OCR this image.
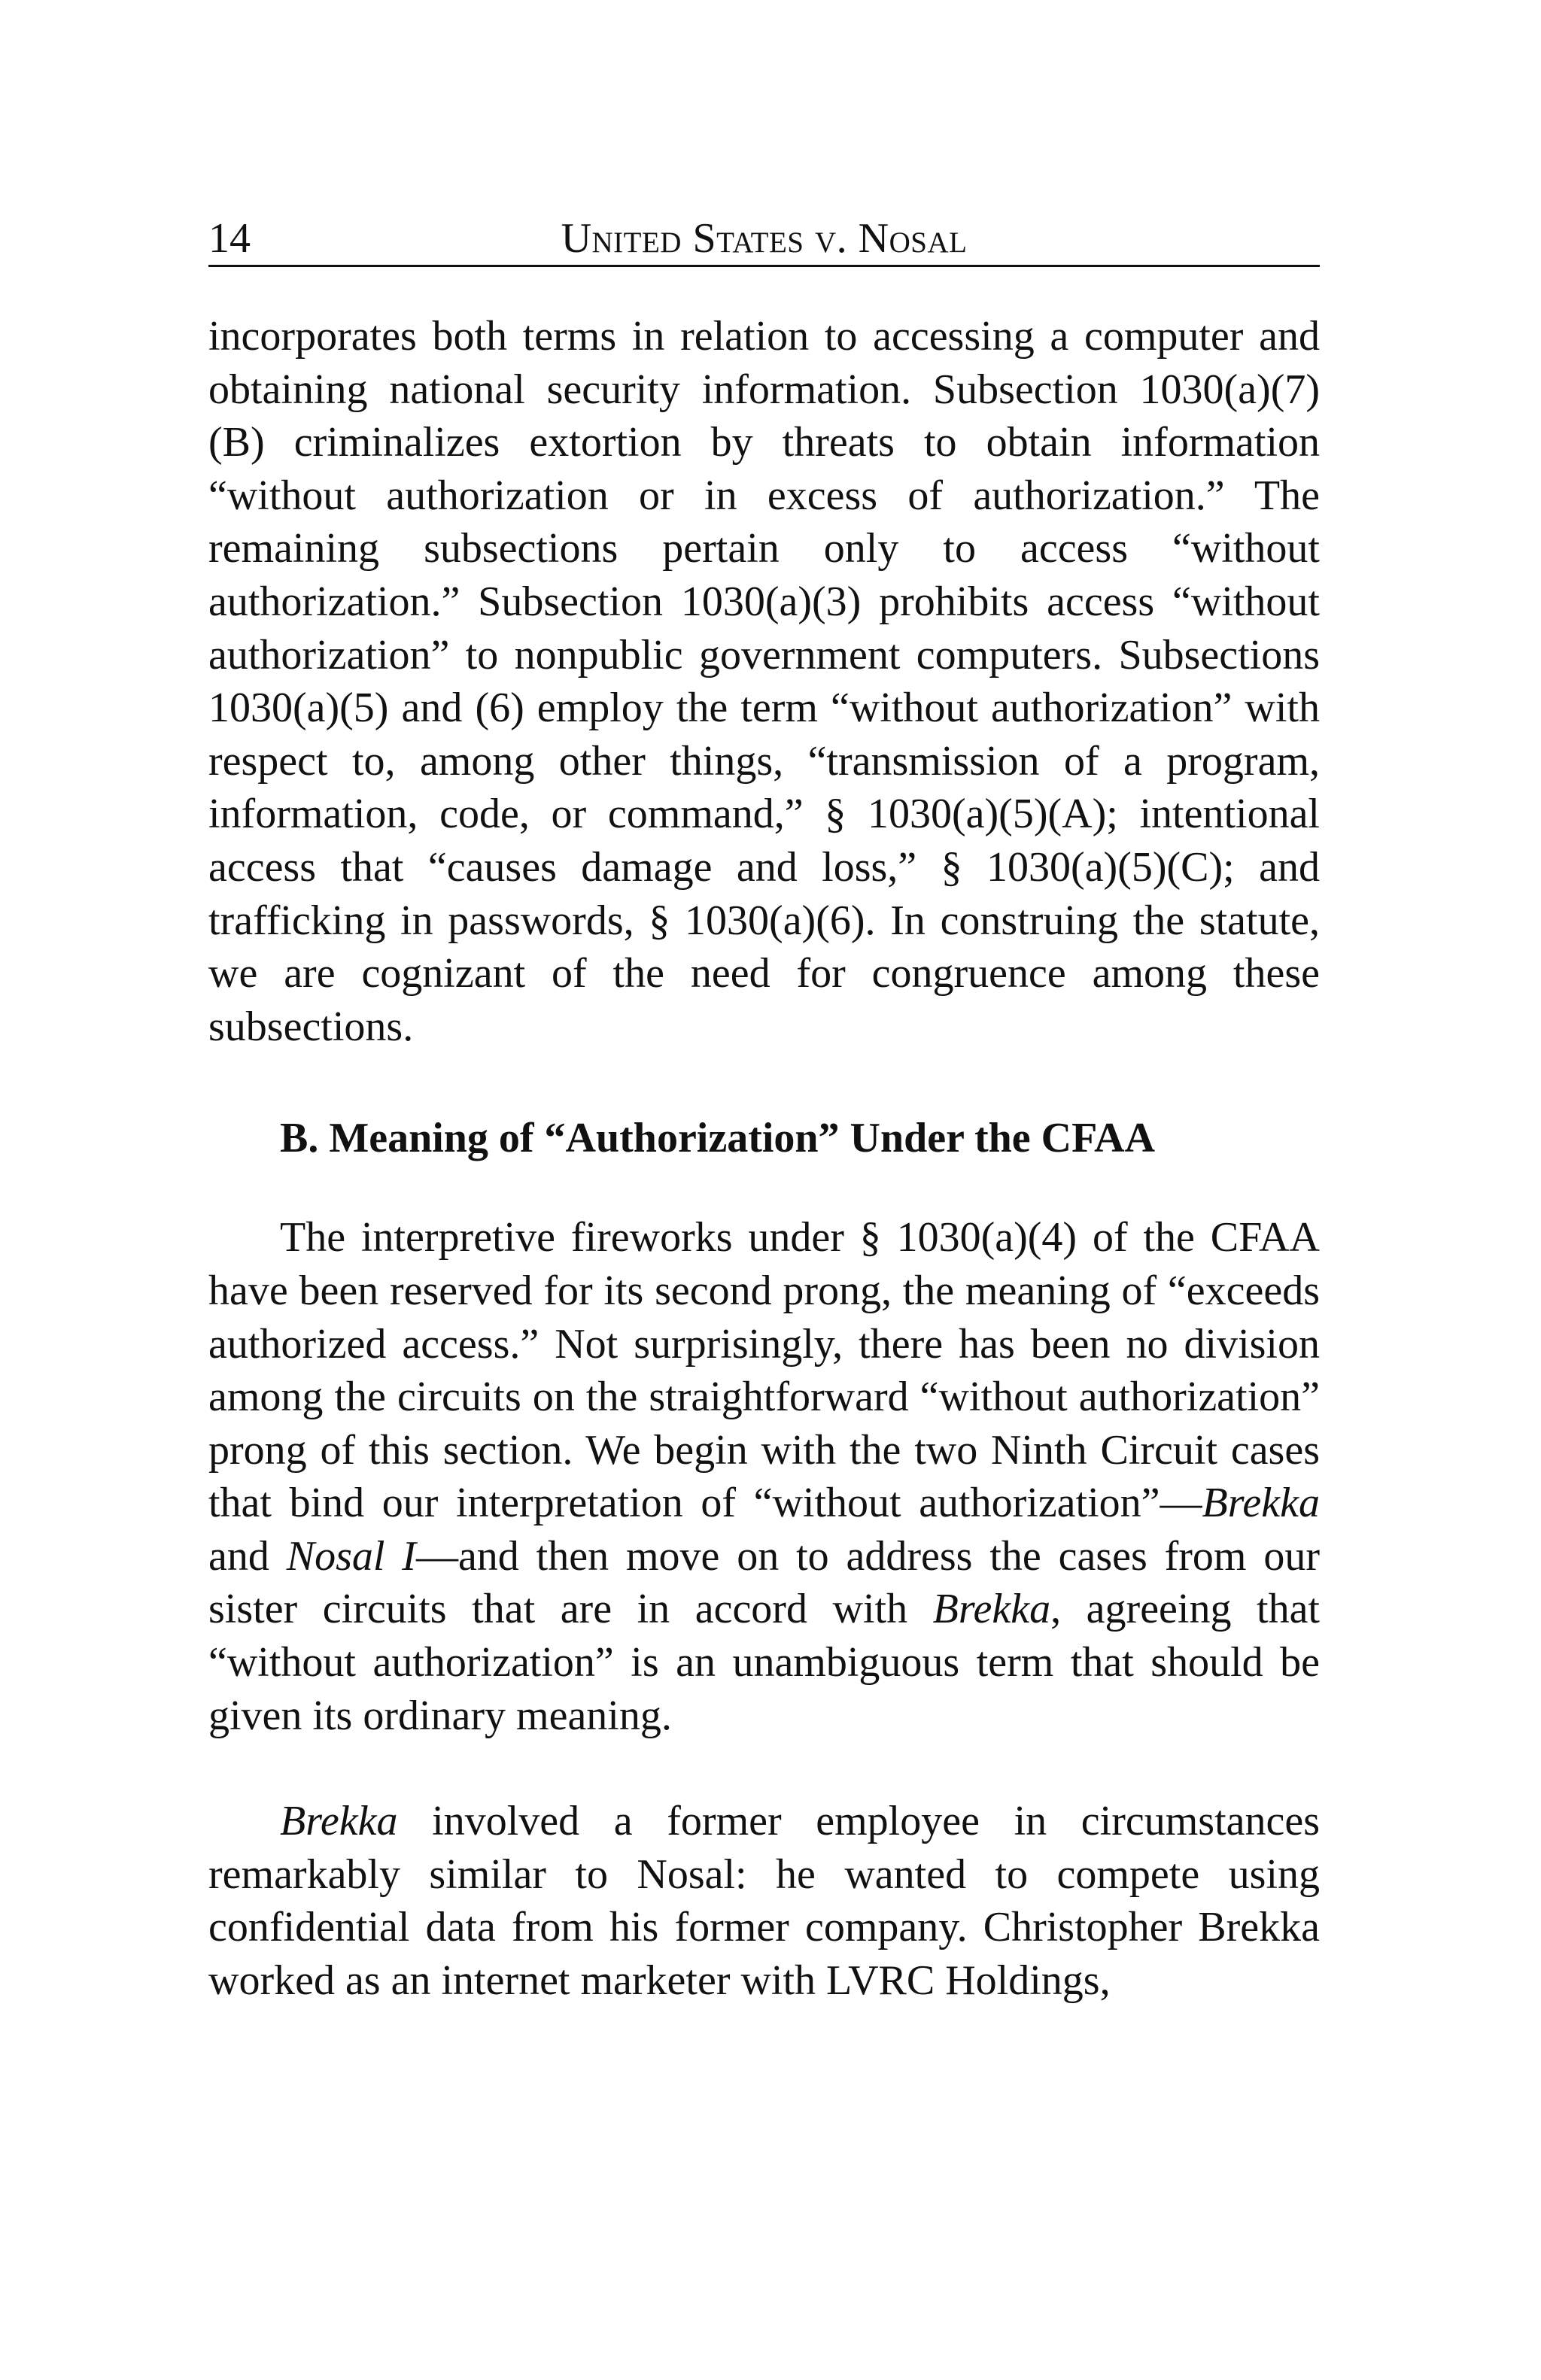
14	United States v. Nosal

incorporates both terms in relation to accessing a computer and obtaining national security information. Subsection 1030(a)(7)(B) criminalizes extortion by threats to obtain information “without authorization or in excess of authorization.” The remaining subsections pertain only to access “without authorization.” Subsection 1030(a)(3) prohibits access “without authorization” to nonpublic government computers. Subsections 1030(a)(5) and (6) employ the term “without authorization” with respect to, among other things, “transmission of a program, information, code, or command,” § 1030(a)(5)(A); intentional access that “causes damage and loss,” § 1030(a)(5)(C); and trafficking in passwords, § 1030(a)(6). In construing the statute, we are cognizant of the need for congruence among these subsections.

B. Meaning of “Authorization” Under the CFAA

The interpretive fireworks under § 1030(a)(4) of the CFAA have been reserved for its second prong, the meaning of “exceeds authorized access.” Not surprisingly, there has been no division among the circuits on the straightforward “without authorization” prong of this section. We begin with the two Ninth Circuit cases that bind our interpretation of “without authorization”—Brekka and Nosal I—and then move on to address the cases from our sister circuits that are in accord with Brekka, agreeing that “without authorization” is an unambiguous term that should be given its ordinary meaning.

Brekka involved a former employee in circumstances remarkably similar to Nosal: he wanted to compete using confidential data from his former company. Christopher Brekka worked as an internet marketer with LVRC Holdings,
